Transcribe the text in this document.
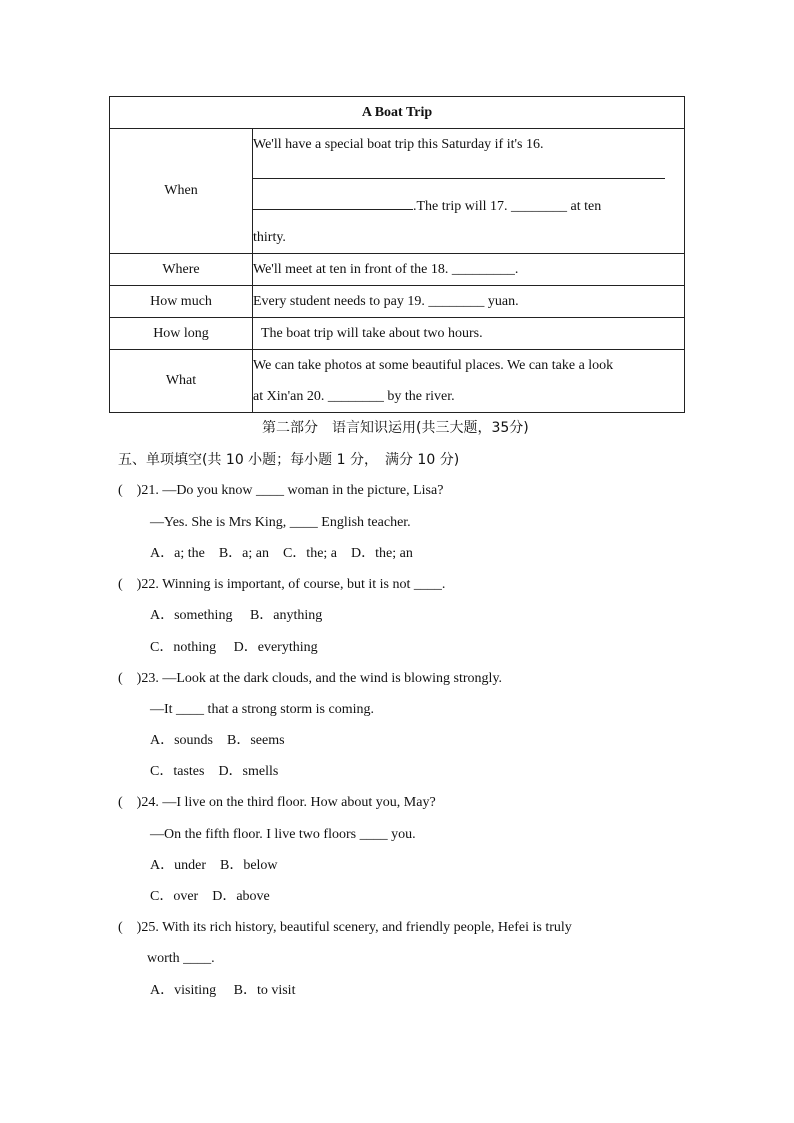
A Boat Trip	
When	We'll have a special boat trip this Saturday if it's 16.
.The trip will 17. ________ at ten
thirty.

Where	We'll meet at ten in front of the 18. _________.

How much	Every student needs to pay 19. ________ yuan.

How long	The boat trip will take about two hours.

What	We can take photos at some beautiful places. We can take a look
at Xin'an 20. ________ by the river.
第二部分　语言知识运用(共三大题，35分)
五、单项填空(共 10 小题；每小题 1 分，　满分 10 分)
(　)21. —Do you know ____ woman in the picture, Lisa?
—Yes. She is Mrs King, ____ English teacher.
A．a; the　B．a; an　C．the; a　D．the; an
(　)22. Winning is important, of course, but it is not ____.
A．something　 B．anything
C．nothing　 D．everything
(　)23. —Look at the dark clouds, and the wind is blowing strongly.
—It ____ that a strong storm is coming.
A．sounds　B．seems
C．tastes　D．smells
(　)24. —I live on the third floor. How about you, May?
—On the fifth floor. I live two floors ____ you.
A．under　B．below
C．over　D．above
(　)25. With its rich history, beautiful scenery, and friendly people, Hefei is truly
worth ____.
A．visiting　 B．to visit
